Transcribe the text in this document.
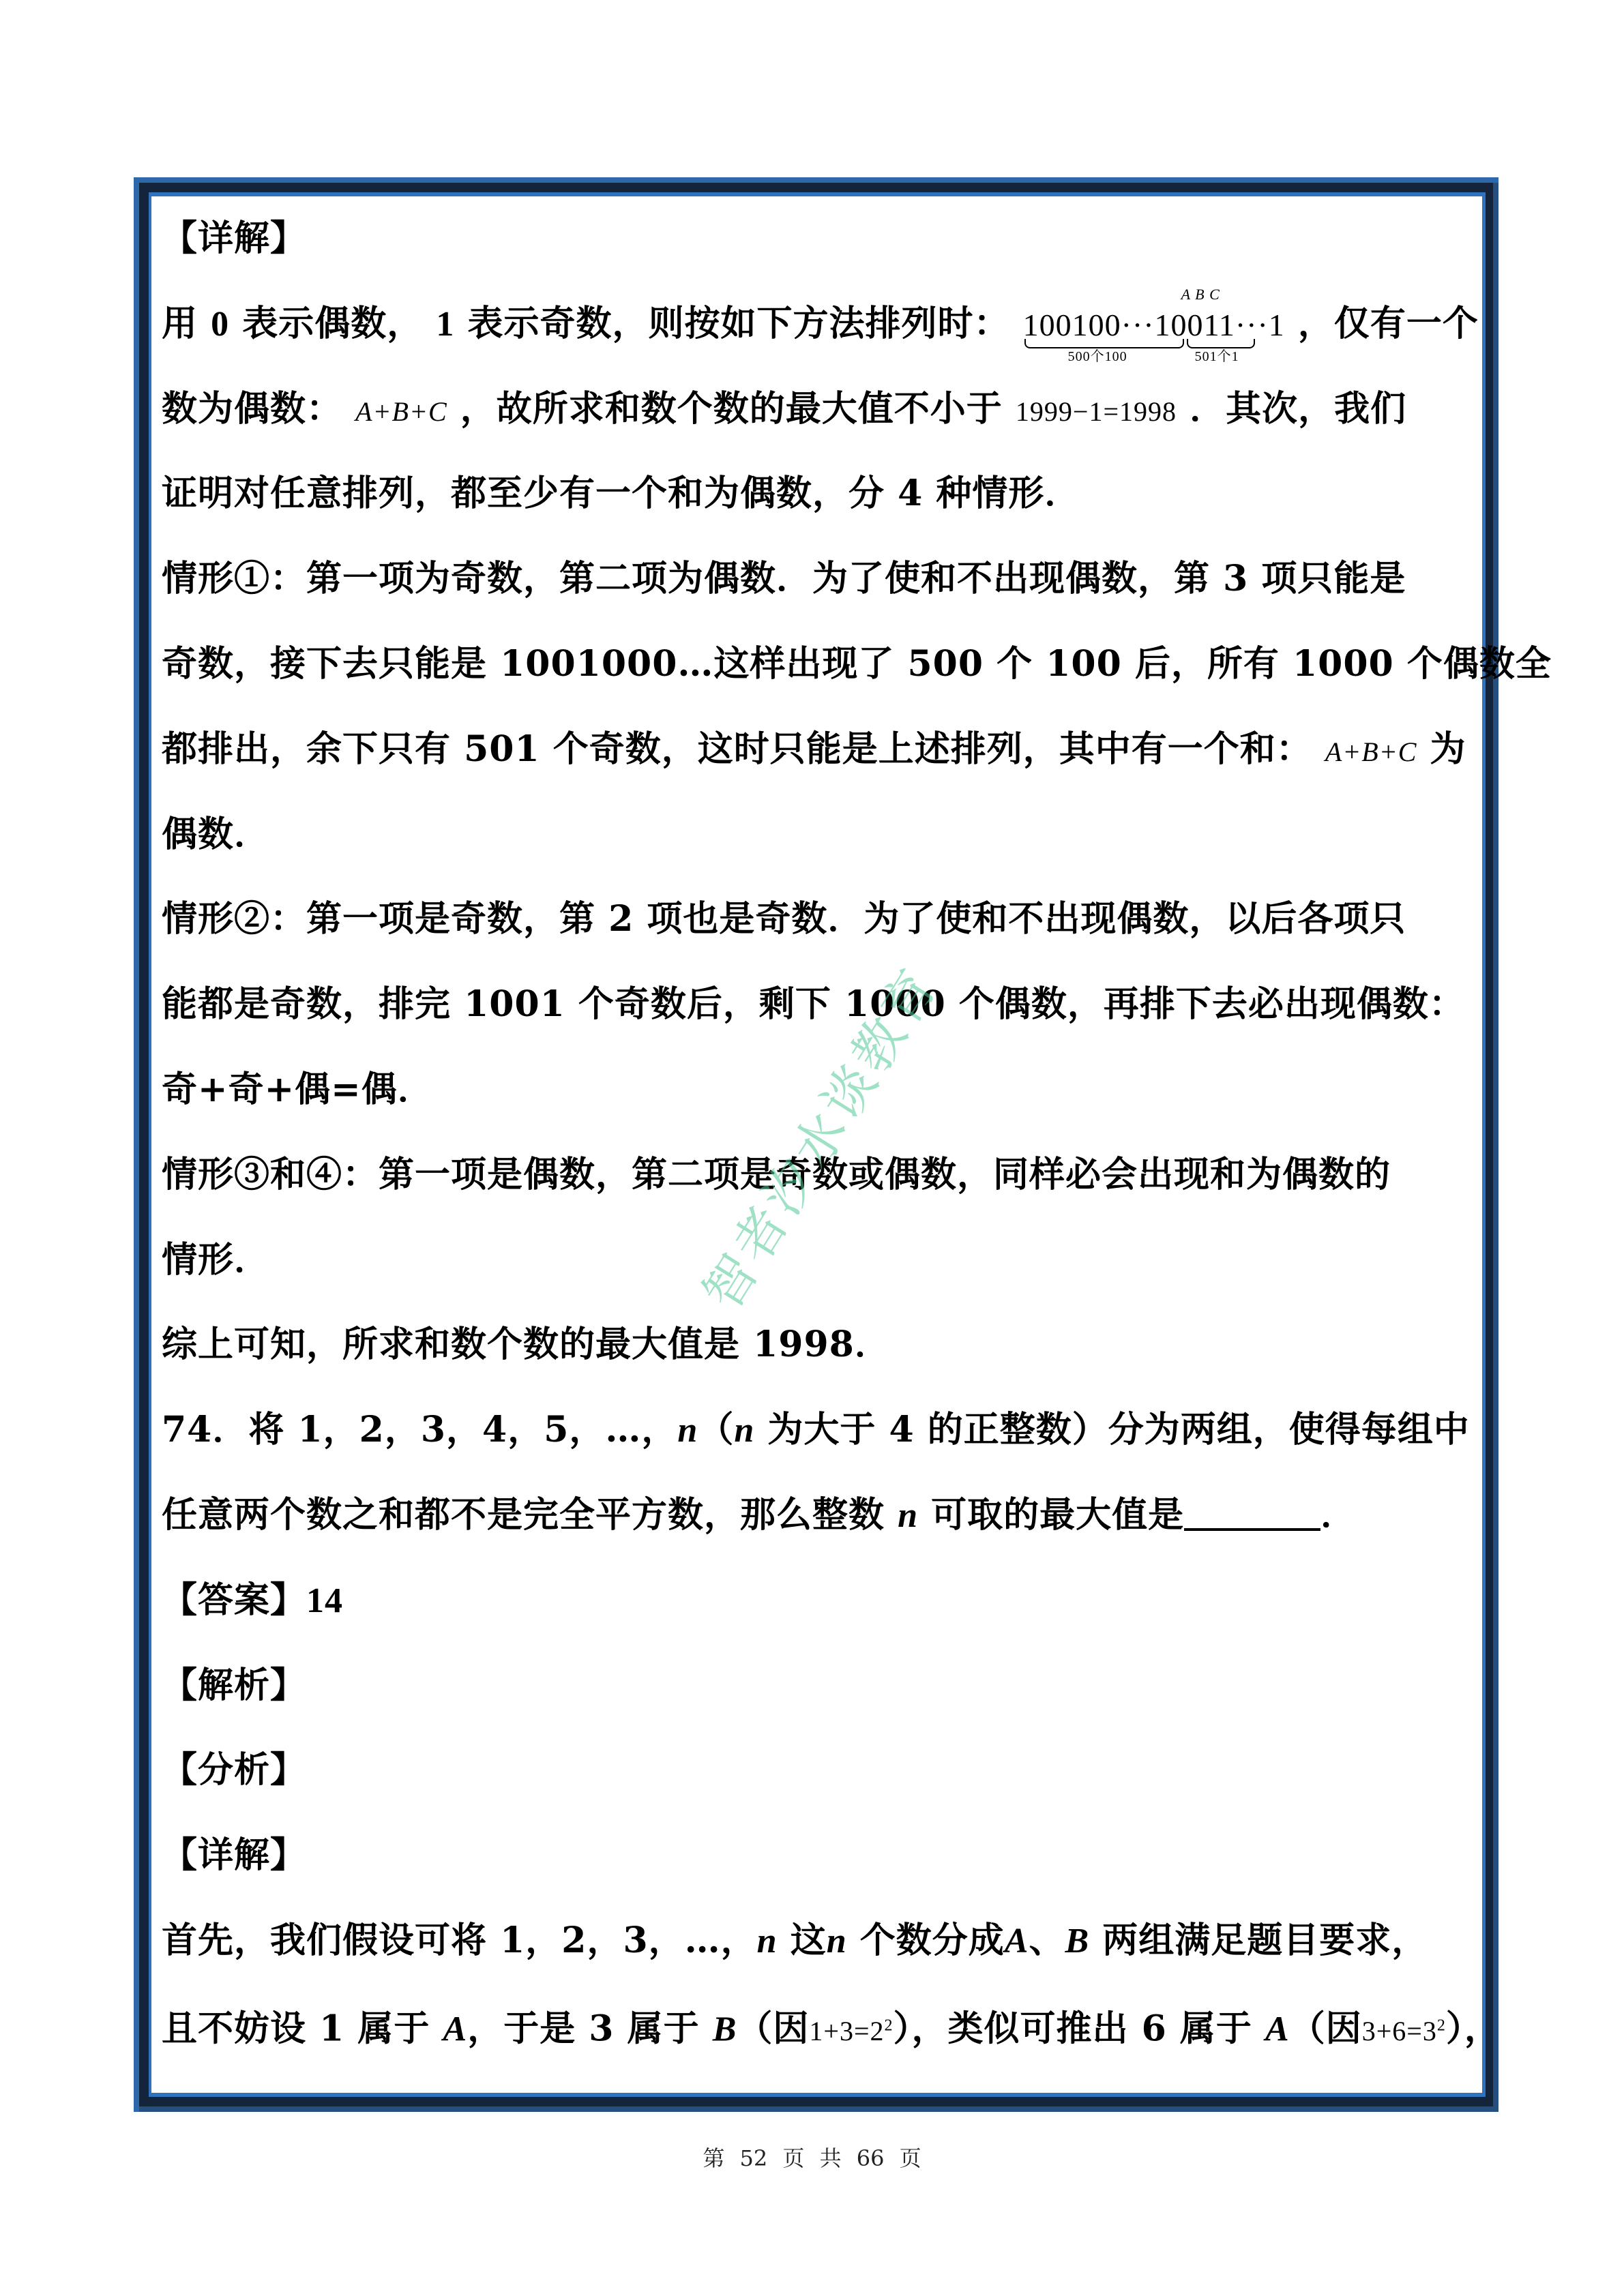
【详解】
用 0 表示偶数， 1 表示奇数，则按如下方法排列时： 100100···10011···1
A B C
500个100	501个1
，仅有一个
数为偶数： A+B+C ，故所求和数个数的最大值不小于 1999−1=1998 ．其次，我们
证明对任意排列，都至少有一个和为偶数，分 4 种情形．
情形①：第一项为奇数，第二项为偶数．为了使和不出现偶数，第 3 项只能是
奇数，接下去只能是 1001000…这样出现了 500 个 100 后，所有 1000 个偶数全
都排出，余下只有 501 个奇数，这时只能是上述排列，其中有一个和： A+B+C 为
偶数．
情形②：第一项是奇数，第 2 项也是奇数．为了使和不出现偶数，以后各项只
能都是奇数，排完 1001 个奇数后，剩下 1000 个偶数，再排下去必出现偶数：
奇+奇+偶=偶．
情形③和④：第一项是偶数，第二项是奇数或偶数，同样必会出现和为偶数的
情形．
综上可知，所求和数个数的最大值是 1998．
74．将 1，2，3，4，5，…，n（n 为大于 4 的正整数）分为两组，使得每组中
任意两个数之和都不是完全平方数，那么整数 n 可取的最大值是	．
【答案】14
【解析】
【分析】
【详解】
首先，我们假设可将 1，2，3，…，n 这n 个数分成A、B 两组满足题目要求，
且不妨设 1 属于 A，于是 3 属于 B（因$1+3=2^2$），类似可推出 6 属于 A（因$3+6=3^2$），
智者汐水谈教育
第 52 页 共 66 页
